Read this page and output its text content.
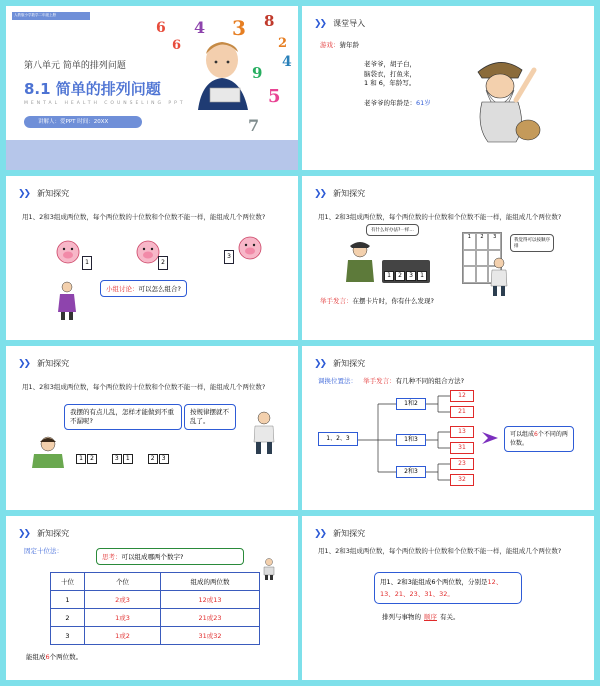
人教版小学数学二年级上册
6 4 3 8
2
4
5
9
7
6
第八单元 简单的排列问题
8.1 简单的排列问题
MENTAL HEALTH COUNSELING PPT
讲解人：爱PPT 时间：20XX
❯❯ 课堂导入
游戏：猜年龄
老爷爷，胡子白，
脑袋衣，打鱼来，
1 和 6，年龄写。
老爷爷的年龄是：61岁
❯❯ 新知探究
用1、2和3组成两位数，每个两位数的十位数和个位数不能一样，能组成几个两位数?
1	2
3
小组讨论：可以怎么组合?
❯❯ 新知探究
用1、2和3组成两位数，每个两位数的十位数和个位数不能一样，能组成几个两位数?
有什么好办法?一样…
1 2 3 1
1	2	3
我觉得可以按顺序排
举手发言：在摆卡片时，你有什么发现?
❯❯ 新知探究
用1、2和3组成两位数，每个两位数的十位数和个位数不能一样，能组成几个两位数?
我摆的有点儿乱，怎样才能做到不重不漏呢?
按规律摆就不乱了。
1 2	3 1	2 3
❯❯ 新知探究
调换位置法： 举手发言：有几种不同的组合方法?
1、2、3
1和2
1和3
2和3
12
21
13
31
23
32
可以组成6个不同的两位数。
❯❯ 新知探究
固定十位法：
思考：可以组成哪两个数字?
十位	个位	组成的两位数
1	2或3	12或13
2	1或3	21或23
3	1或2	31或32
能组成6个两位数。
❯❯ 新知探究
用1、2和3组成两位数，每个两位数的十位数和个位数不能一样，能组成几个两位数?
用1、2和3能组成6个两位数，分别是12、
13、21、23、31、32。
排列与事物的 顺序 有关。
